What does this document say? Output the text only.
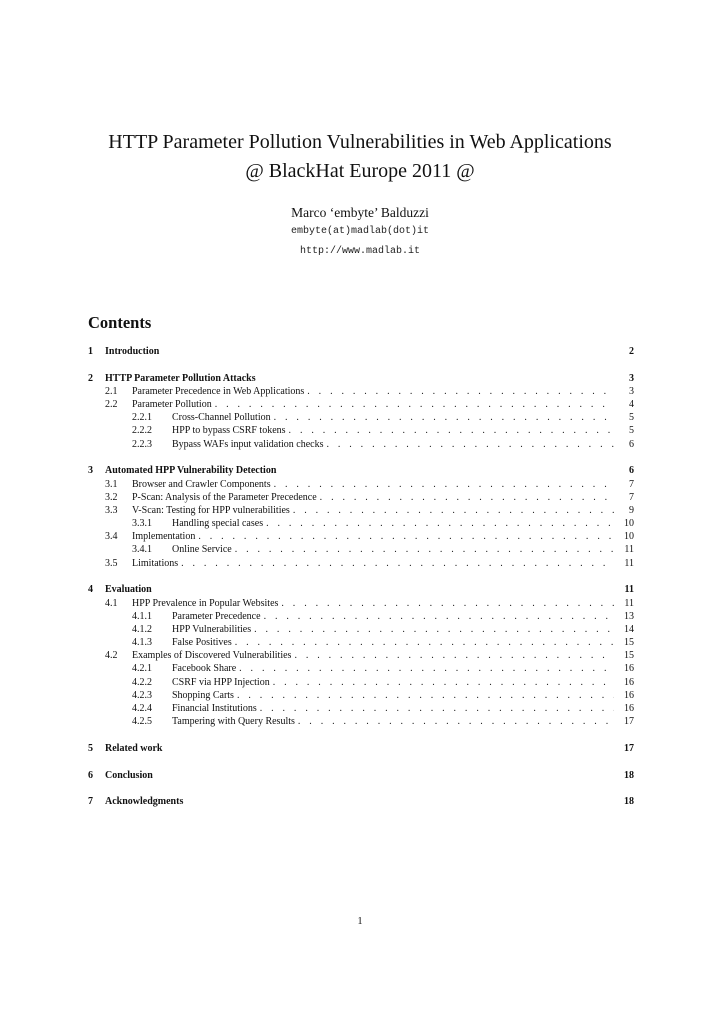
HTTP Parameter Pollution Vulnerabilities in Web Applications
@ BlackHat Europe 2011 @
Marco ‘embyte’ Balduzzi
embyte(at)madlab(dot)it
http://www.madlab.it
Contents
1	Introduction	2
2	HTTP Parameter Pollution Attacks	3
2.1	Parameter Precedence in Web Applications . . .	3
2.2	Parameter Pollution . . .	4
2.2.1	Cross-Channel Pollution . . .	5
2.2.2	HPP to bypass CSRF tokens . . .	5
2.2.3	Bypass WAFs input validation checks . . .	6
3	Automated HPP Vulnerability Detection	6
3.1	Browser and Crawler Components . . .	7
3.2	P-Scan: Analysis of the Parameter Precedence . . .	7
3.3	V-Scan: Testing for HPP vulnerabilities . . .	9
3.3.1	Handling special cases . . .	10
3.4	Implementation . . .	10
3.4.1	Online Service . . .	11
3.5	Limitations . . .	11
4	Evaluation	11
4.1	HPP Prevalence in Popular Websites . . .	11
4.1.1	Parameter Precedence . . .	13
4.1.2	HPP Vulnerabilities . . .	14
4.1.3	False Positives . . .	15
4.2	Examples of Discovered Vulnerabilities . . .	15
4.2.1	Facebook Share . . .	16
4.2.2	CSRF via HPP Injection . . .	16
4.2.3	Shopping Carts . . .	16
4.2.4	Financial Institutions . . .	16
4.2.5	Tampering with Query Results . . .	17
5	Related work	17
6	Conclusion	18
7	Acknowledgments	18
1
